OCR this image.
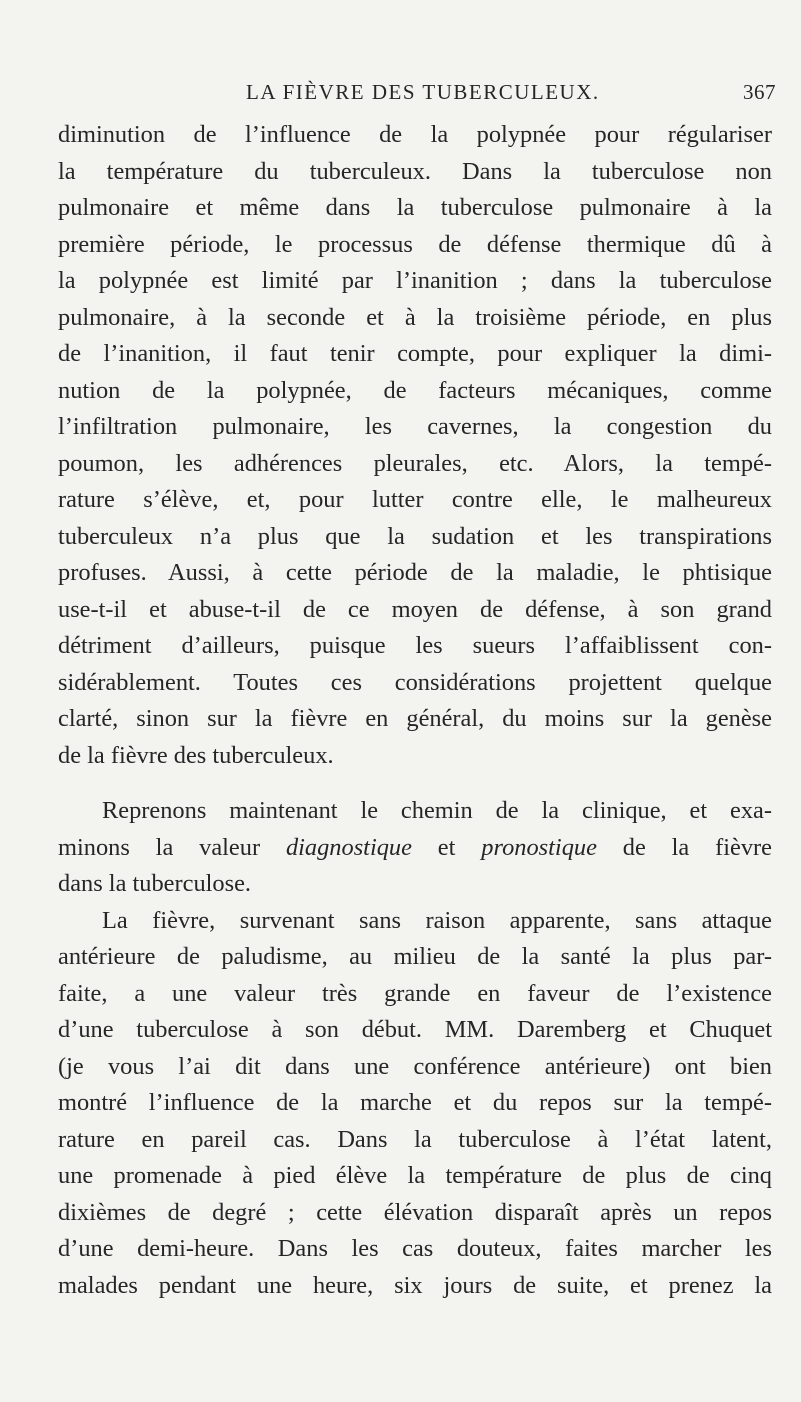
LA FIÈVRE DES TUBERCULEUX.	367
diminution de l’influence de la polypnée pour régulariser
la température du tuberculeux. Dans la tuberculose non
pulmonaire et même dans la tuberculose pulmonaire à la
première période, le processus de défense thermique dû à
la polypnée est limité par l’inanition ; dans la tuberculose
pulmonaire, à la seconde et à la troisième période, en plus
de l’inanition, il faut tenir compte, pour expliquer la dimi-
nution de la polypnée, de facteurs mécaniques, comme
l’infiltration pulmonaire, les cavernes, la congestion du
poumon, les adhérences pleurales, etc. Alors, la tempé-
rature s’élève, et, pour lutter contre elle, le malheureux
tuberculeux n’a plus que la sudation et les transpirations
profuses. Aussi, à cette période de la maladie, le phtisique
use-t-il et abuse-t-il de ce moyen de défense, à son grand
détriment d’ailleurs, puisque les sueurs l’affaiblissent con-
sidérablement. Toutes ces considérations projettent quelque
clarté, sinon sur la fièvre en général, du moins sur la genèse
de la fièvre des tuberculeux.
Reprenons maintenant le chemin de la clinique, et exa-
minons la valeur diagnostique et pronostique de la fièvre
dans la tuberculose.
La fièvre, survenant sans raison apparente, sans attaque
antérieure de paludisme, au milieu de la santé la plus par-
faite, a une valeur très grande en faveur de l’existence
d’une tuberculose à son début. MM. Daremberg et Chuquet
(je vous l’ai dit dans une conférence antérieure) ont bien
montré l’influence de la marche et du repos sur la tempé-
rature en pareil cas. Dans la tuberculose à l’état latent,
une promenade à pied élève la température de plus de cinq
dixièmes de degré ; cette élévation disparaît après un repos
d’une demi-heure. Dans les cas douteux, faites marcher les
malades pendant une heure, six jours de suite, et prenez la
